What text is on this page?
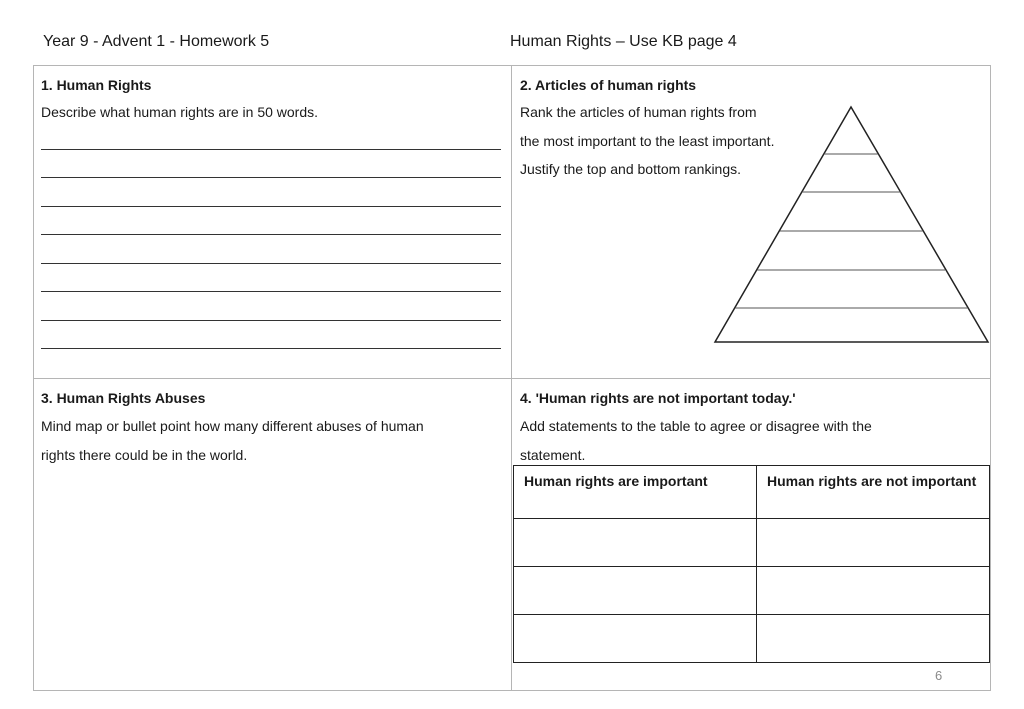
Year 9 - Advent 1 - Homework 5	Human Rights – Use KB page 4
1. Human Rights
Describe what human rights are in 50 words.
2. Articles of human rights
Rank the articles of human rights from
the most important to the least important.
Justify the top and bottom rankings.
3. Human Rights Abuses
Mind map or bullet point how many different abuses of human
rights there could be in the world.
4. 'Human rights are not important today.'
Add statements to the table to agree or disagree with the
statement.
Human rights are important	Human rights are not important

6
